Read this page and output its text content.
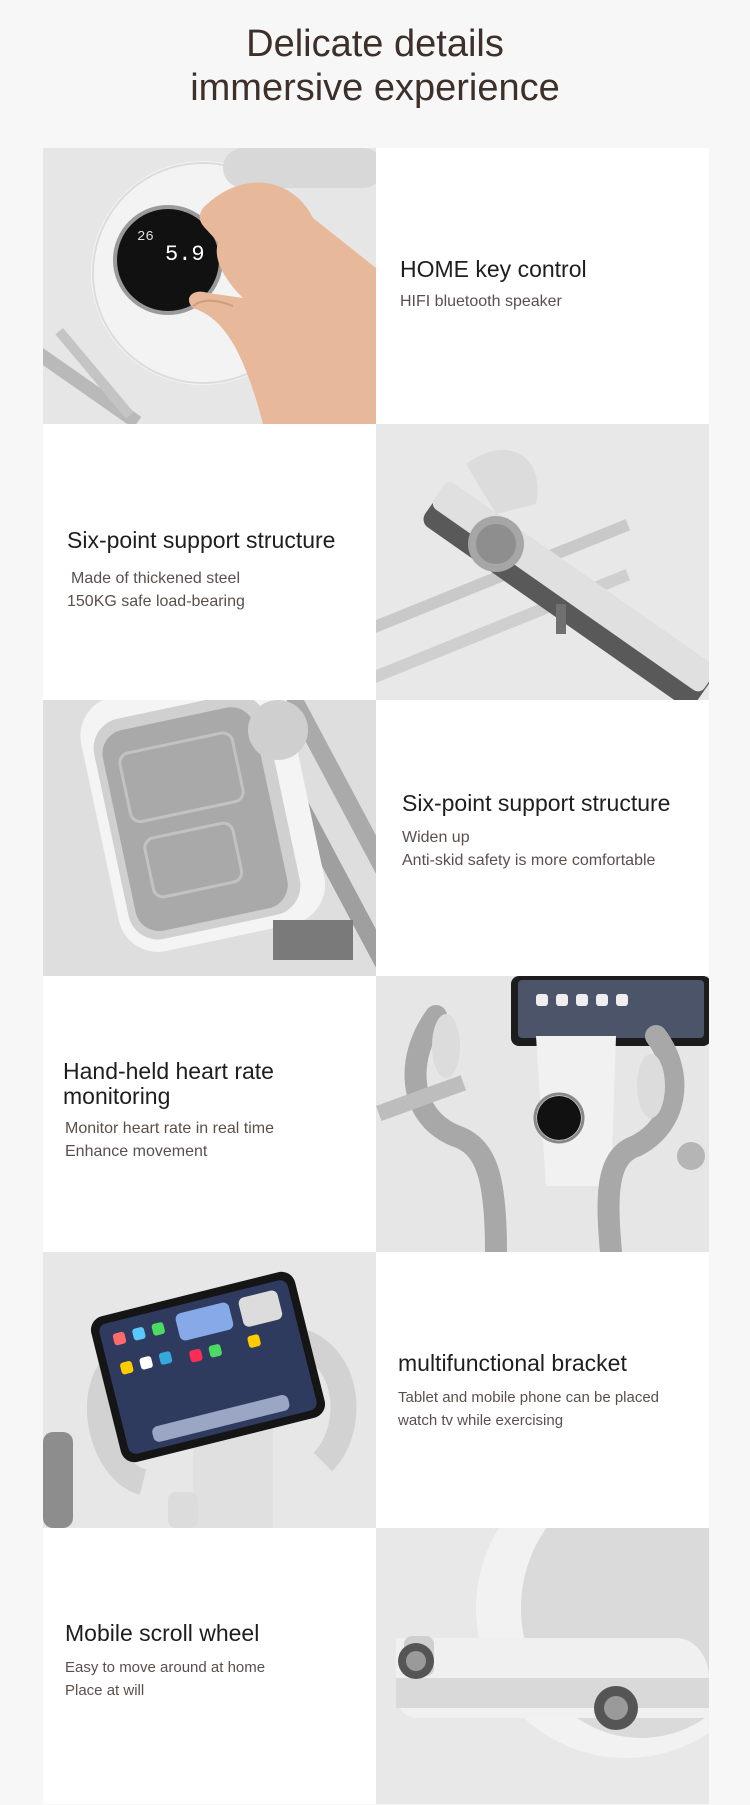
Delicate details
immersive experience
5.9
26
HOME key control

HIFI bluetooth speaker

Six-point support structure

Made of thickened steel

150KG safe load-bearing

Six-point support structure

Widen up

Anti-skid safety is more comfortable

Hand-held heart rate monitoring

Monitor heart rate in real time

Enhance movement

multifunctional bracket

Tablet and mobile phone can be placed

watch tv while exercising

Mobile scroll wheel

Easy to move around at home

Place at will
